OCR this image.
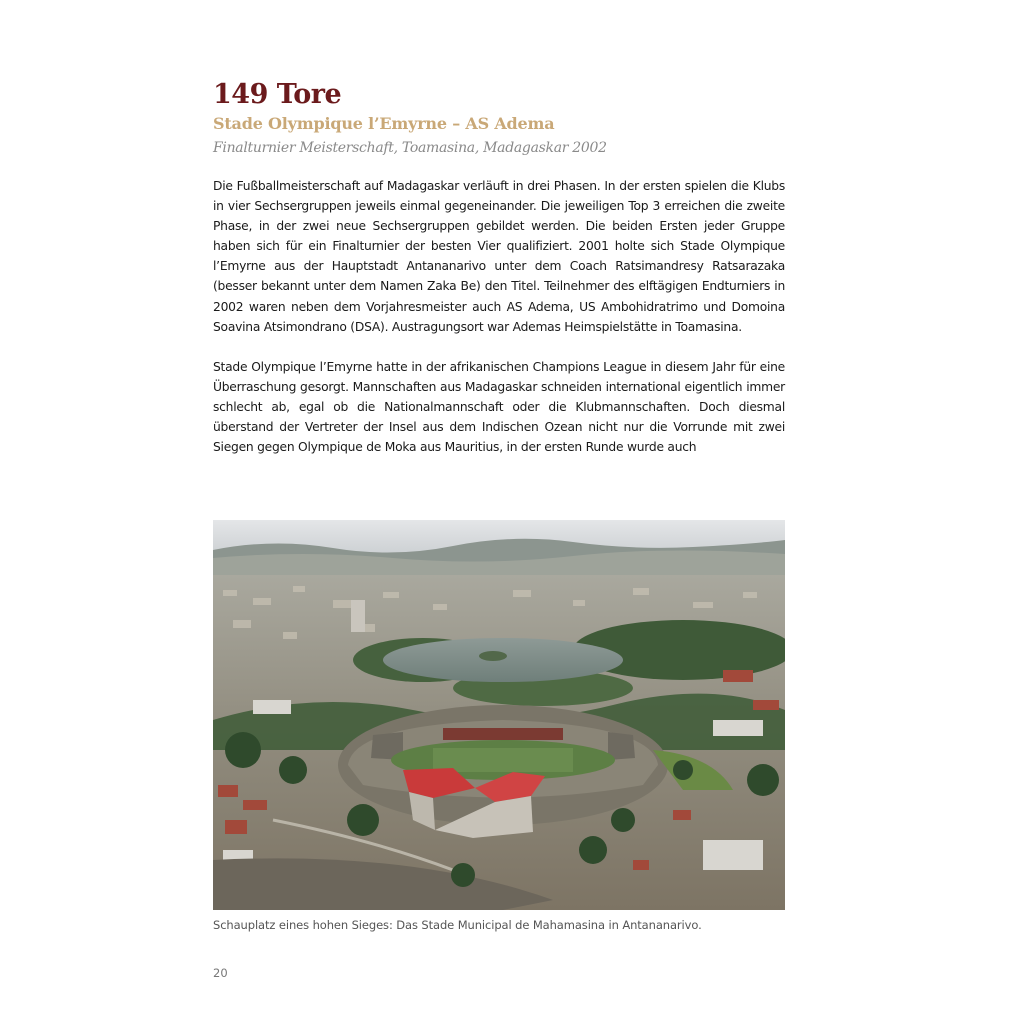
149 Tore
Stade Olympique l’Emyrne – AS Adema

Finalturnier Meisterschaft, Toamasina, Madagaskar 2002

Die Fußballmeisterschaft auf Madagaskar verläuft in drei Phasen. In der ersten spielen die Klubs in vier Sechsergruppen jeweils einmal gegeneinander. Die jeweiligen Top 3 erreichen die zweite Phase, in der zwei neue Sechsergruppen gebildet werden. Die beiden Ersten jeder Gruppe haben sich für ein Finalturnier der besten Vier qualifiziert. 2001 holte sich Stade Olympique l’Emyrne aus der Hauptstadt Antananarivo unter dem Coach Ratsimandresy Ratsarazaka (besser bekannt unter dem Namen Zaka Be) den Titel. Teilnehmer des elftägigen Endturniers in 2002 waren neben dem Vorjahresmeister auch AS Adema, US Ambohidratrimo und Domoina Soavina Atsimondrano (DSA). Austragungsort war Ademas Heimspielstätte in Toamasina.

Stade Olympique l’Emyrne hatte in der afrikanischen Champions League in diesem Jahr für eine Überraschung gesorgt. Mannschaften aus Madagaskar schneiden international eigentlich immer schlecht ab, egal ob die Nationalmannschaft oder die Klubmannschaften. Doch diesmal überstand der Vertreter der Insel aus dem Indischen Ozean nicht nur die Vorrunde mit zwei Siegen gegen Olympique de Moka aus Mauritius, in der ersten Runde wurde auch

Schauplatz eines hohen Sieges: Das Stade Municipal de Mahamasina in Antananarivo.

20
